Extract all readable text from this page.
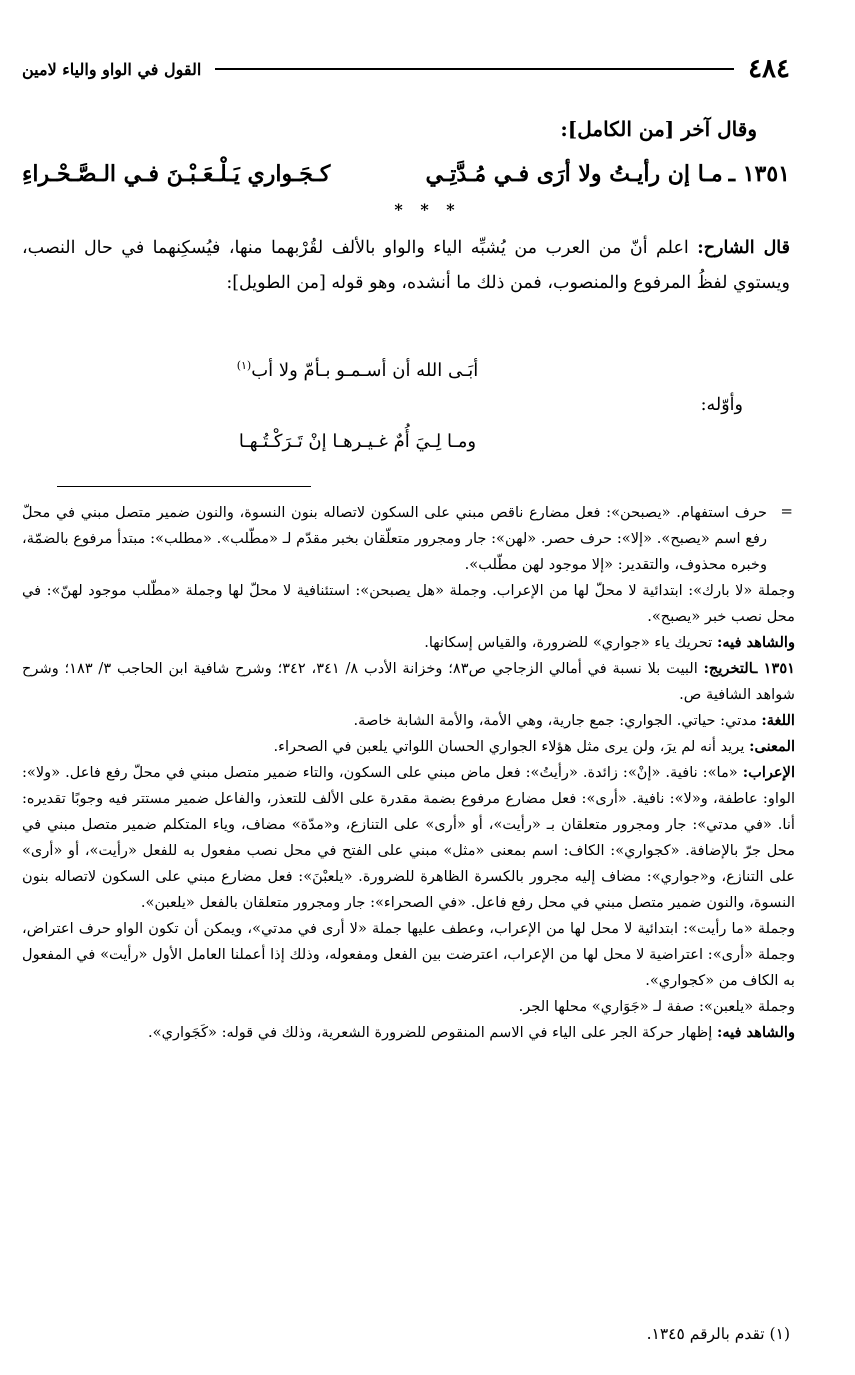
٤٨٤
القول في الواو والياء لامين
وقال آخر [من الكامل]:
١٣٥١ ـ
مـا إن رأيـتُ ولا أرَى فـي مُـدَّتِـي
كـجَـواري يَـلْـعَـبْـنَ فـي الـصَّـحْـراءِ
* * *

قال الشارح: اعلم أنّ من العرب من يُشبِّه الياء والواو بالألف لقُرْبهما منها، فيُسكِنهما في حال النصب، ويستوي لفظُ المرفوع والمنصوب، فمن ذلك ما أنشده، وهو قوله [من الطويل]:

أبَـى الله أن أسـمـو بـأمّ ولا أب$^{(١)}$
وأوّله:
ومـا لِـيَ أُمٌ غـيـرهـا إنْ تَـرَكْـتُـهـا
=

حرف استفهام. «يصبحن»: فعل مضارع ناقص مبني على السكون لاتصاله بنون النسوة، والنون ضمير متصل مبني في محلّ رفع اسم «يصبح». «إلا»: حرف حصر. «لهن»: جار ومجرور متعلّقان بخبر مقدّم لـ «مطّلب». «مطلب»: مبتدأ مرفوع بالضمّة، وخبره محذوف، والتقدير: «إلا موجود لهن مطّلب».

وجملة «لا بارك»: ابتدائية لا محلّ لها من الإعراب. وجملة «هل يصبحن»: استئنافية لا محلّ لها وجملة «مطّلب موجود لهنّ»: في محل نصب خبر «يصبح».

والشاهد فيه: تحريك ياء «جواري» للضرورة، والقياس إسكانها.

١٣٥١ ـالتخريج: البيت بلا نسبة في أمالي الزجاجي ص٨٣؛ وخزانة الأدب ٨/ ٣٤١، ٣٤٢؛ وشرح شافية ابن الحاجب ٣/ ١٨٣؛ وشرح شواهد الشافية ص.

اللغة: مدتي: حياتي. الجواري: جمع جارية، وهي الأمة، والأمة الشابة خاصة.

المعنى: يريد أنه لم يرَ، ولن يرى مثل هؤلاء الجواري الحسان اللواتي يلعبن في الصحراء.

الإعراب: «ما»: نافية. «إنْ»: زائدة. «رأيتُ»: فعل ماض مبني على السكون، والتاء ضمير متصل مبني في محلّ رفع فاعل. «ولا»: الواو: عاطفة، و«لا»: نافية. «أرى»: فعل مضارع مرفوع بضمة مقدرة على الألف للتعذر، والفاعل ضمير مستتر فيه وجوبًا تقديره: أنا. «في مدتي»: جار ومجرور متعلقان بـ «رأيت»، أو «أرى» على التنازع، و«مدّة» مضاف، وياء المتكلم ضمير متصل مبني في محل جرّ بالإضافة. «كجواري»: الكاف: اسم بمعنى «مثل» مبني على الفتح في محل نصب مفعول به للفعل «رأيت»، أو «أرى» على التنازع، و«جواري»: مضاف إليه مجرور بالكسرة الظاهرة للضرورة. «يلعبْنَ»: فعل مضارع مبني على السكون لاتصاله بنون النسوة، والنون ضمير متصل مبني في محل رفع فاعل. «في الصحراء»: جار ومجرور متعلقان بالفعل «يلعبن».

وجملة «ما رأيت»: ابتدائية لا محل لها من الإعراب، وعطف عليها جملة «لا أرى في مدتي»، ويمكن أن تكون الواو حرف اعتراض، وجملة «أرى»: اعتراضية لا محل لها من الإعراب، اعترضت بين الفعل ومفعوله، وذلك إذا أعملنا العامل الأول «رأيت» في المفعول به الكاف من «كجواري».

وجملة «يلعبن»: صفة لـ «جَوَاري» محلها الجر.

والشاهد فيه: إظهار حركة الجر على الياء في الاسم المنقوص للضرورة الشعرية، وذلك في قوله: «كَجَواري».

(١) تقدم بالرقم ١٣٤٥.
